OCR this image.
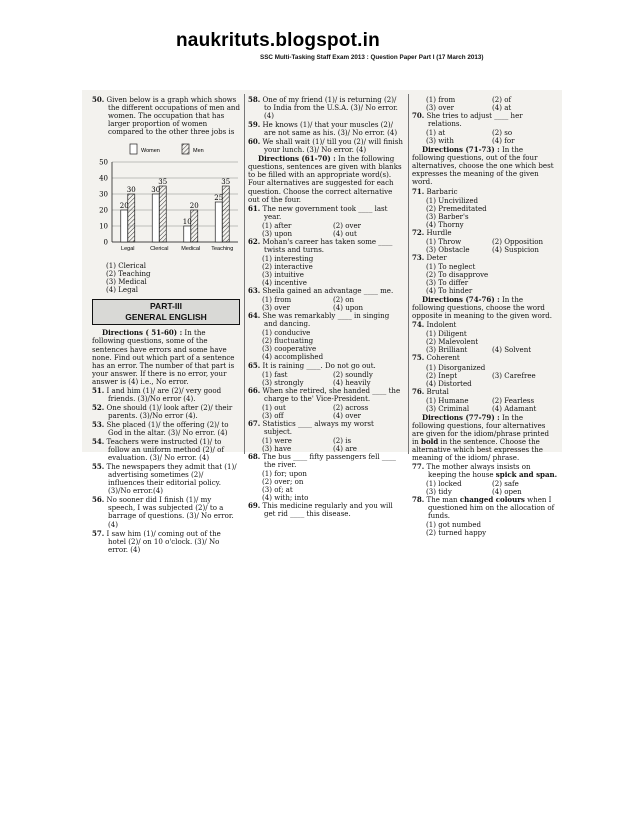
naukrituts.blogspot.in
SSC Multi-Tasking Staff Exam 2013 : Question Paper Part I (17 March 2013)

50. Given below is a graph which shows the different occupations of men and women. The occupation that has larger proportion of women compared to the other three jobs is

0
10
20
30
40
50
20
30
Legal
30
35
Clerical
10
20
Medical
25
35
Teaching
Women	Men

(1) Clerical

(2) Teaching

(3) Medical

(4) Legal

PART-III
GENERAL ENGLISH

Directions ( 51-60) : In the following questions, some of the sentences have errors and some have none. Find out which part of a sentence has an error. The number of that part is your answer. If there is no error, your answer is (4) i.e., No error.

51. I and him (1)/ are (2)/ very good friends. (3)/No error (4).

52. One should (1)/ look after (2)/ their parents. (3)/No error (4).

53. She placed (1)/ the offering (2)/ to God in the altar. (3)/ No error. (4)

54. Teachers were instructed (1)/ to follow an uniform method (2)/ of evaluation. (3)/ No error. (4)

55. The newspapers they admit that (1)/ advertising sometimes (2)/ influences their editorial policy.(3)/No error.(4)

56. No sooner did I finish (1)/ my speech, I was subjected (2)/ to a barrage of questions. (3)/ No error.(4)

57. I saw him (1)/ coming out of the hotel (2)/ on 10 o'clock. (3)/ No error. (4)

58. One of my friend (1)/ is returning (2)/ to India from the U.S.A. (3)/ No error.(4)

59. He knows (1)/ that your muscles (2)/ are not same as his. (3)/ No error. (4)

60. We shall wait (1)/ till you (2)/ will finish your lunch. (3)/ No error. (4)

Directions (61-70) : In the following questions, sentences are given with blanks to be filled with an appropriate word(s). Four alternatives are suggested for each question. Choose the correct alternative out of the four.

61. The new government took ____ last year.

(1) after	(2) over
(3) upon	(4) out

62. Mohan's career has taken some ____ twists and turns.

(1) interesting

(2) interactive

(3) intuitive

(4) incentive

63. Sheila gained an advantage ____ me.

(1) from	(2) on
(3) over	(4) upon

64. She was remarkably ____ in singing and dancing.

(1) conducive

(2) fluctuating

(3) cooperative

(4) accomplished

65. It is raining ____. Do not go out.

(1) fast	(2) soundly
(3) strongly	(4) heavily

66. When she retired, she handed ____ the charge to the' Vice-President.

(1) out	(2) across
(3) off	(4) over

67. Statistics ____ always my worst subject.

(1) were	(2) is
(3) have	(4) are

68. The bus ____ fifty passengers fell ____ the river.

(1) for; upon

(2) over; on

(3) of; at

(4) with; into

69. This medicine regularly and you will get rid ____ this disease.

(1) from	(2) of
(3) over	(4) at

70. She tries to adjust ____ her relations.

(1) at	(2) so
(3) with	(4) for

Directions (71-73) : In the following questions, out of the four alternatives, choose the one which best expresses the meaning of the given word.

71. Barbaric

(1) Uncivilized

(2) Premeditated

(3) Barber's

(4) Thorny

72. Hurdle

(1) Throw	(2) Opposition
(3) Obstacle	(4) Suspicion

73. Deter

(1) To neglect

(2) To disapprove

(3) To differ

(4) To hinder

Directions (74-76) : In the following questions, choose the word opposite in meaning to the given word.

74. Indolent

(1) Diligent

(2) Malevolent

(3) Brilliant	(4) Solvent

75. Coherent

(1) Disorganized

(2) Inept	(3) Carefree

(4) Distorted

76. Brutal

(1) Humane	(2) Fearless
(3) Criminal	(4) Adamant

Directions (77-79) : In the following questions, four alternatives are given for the idiom/phrase printed in bold in the sentence. Choose the alternative which best expresses the meaning of the idiom/ phrase.

77. The mother always insists on keeping the house spick and span.

(1) locked	(2) safe
(3) tidy	(4) open

78. The man changed colours when I questioned him on the allocation of funds.

(1) got numbed

(2) turned happy
